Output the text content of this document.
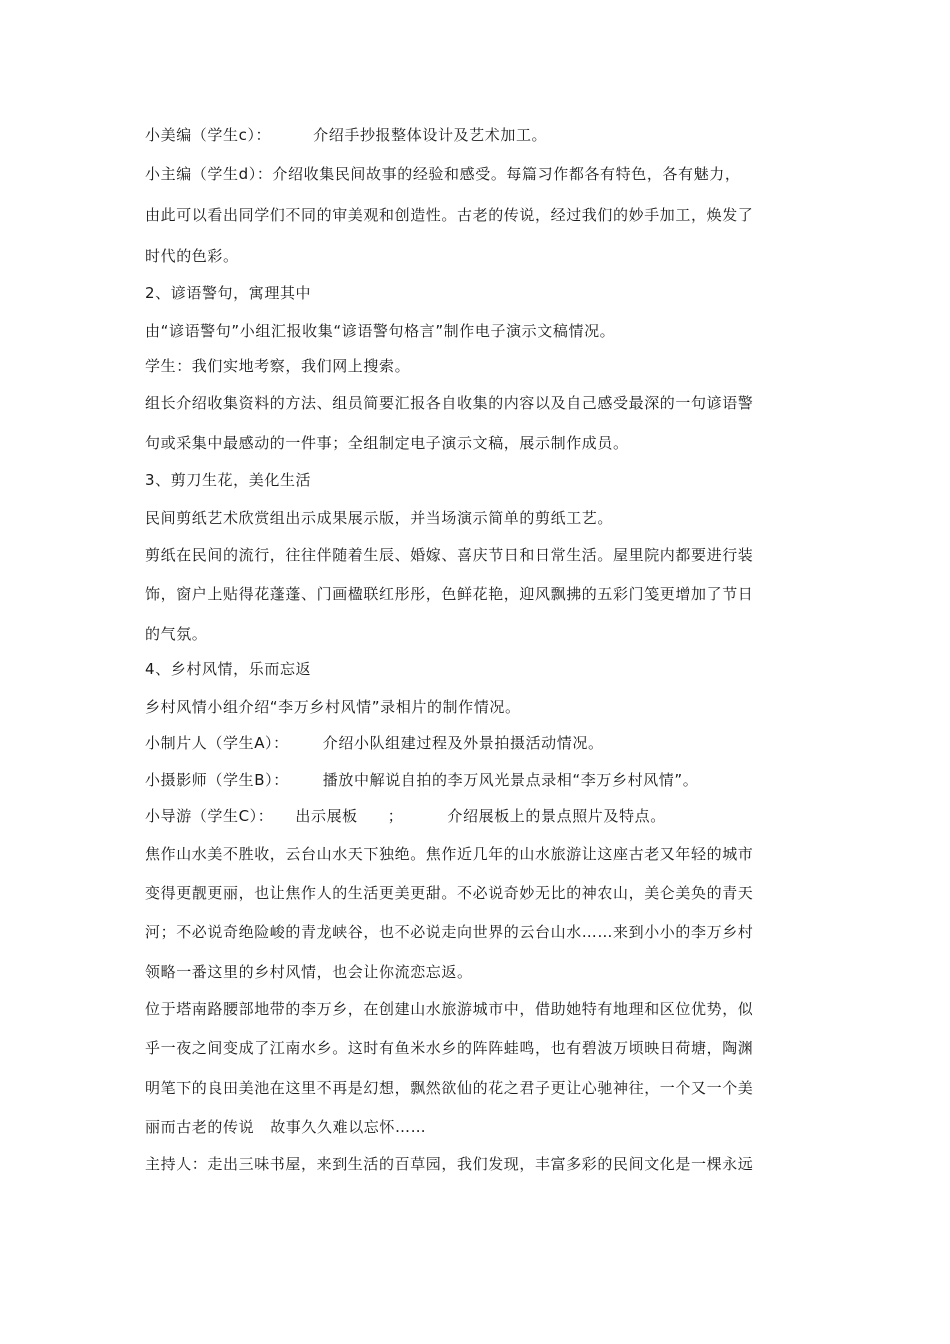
小美编（学生c）：	介绍手抄报整体设计及艺术加工。
小主编（学生d）：介绍收集民间故事的经验和感受。每篇习作都各有特色，各有魅力，
由此可以看出同学们不同的审美观和创造性。古老的传说，经过我们的妙手加工，焕发了
时代的色彩。
2、谚语警句，寓理其中
由“谚语警句”小组汇报收集“谚语警句格言”制作电子演示文稿情况。
学生：我们实地考察，我们网上搜索。
组长介绍收集资料的方法、组员简要汇报各自收集的内容以及自己感受最深的一句谚语警
句或采集中最感动的一件事；全组制定电子演示文稿，展示制作成员。
3、剪刀生花，美化生活
民间剪纸艺术欣赏组出示成果展示版，并当场演示简单的剪纸工艺。
剪纸在民间的流行，往往伴随着生辰、婚嫁、喜庆节日和日常生活。屋里院内都要进行装
饰，窗户上贴得花蓬蓬、门画楹联红彤彤，色鲜花艳，迎风飘拂的五彩门笺更增加了节日
的气氛。
4、乡村风情，乐而忘返
乡村风情小组介绍“李万乡村风情”录相片的制作情况。
小制片人（学生A）： 介绍小队组建过程及外景拍摄活动情况。
小摄影师（学生B）： 播放中解说自拍的李万风光景点录相“李万乡村风情”。
小导游（学生C）： 出示展板 ；	介绍展板上的景点照片及特点。
焦作山水美不胜收，云台山水天下独绝。焦作近几年的山水旅游让这座古老又年轻的城市
变得更靓更丽，也让焦作人的生活更美更甜。不必说奇妙无比的神农山，美仑美奂的青天
河；不必说奇绝险峻的青龙峡谷，也不必说走向世界的云台山水……来到小小的李万乡村
领略一番这里的乡村风情，也会让你流恋忘返。
位于塔南路腰部地带的李万乡，在创建山水旅游城市中，借助她特有地理和区位优势，似
乎一夜之间变成了江南水乡。这时有鱼米水乡的阵阵蛙鸣，也有碧波万顷映日荷塘，陶渊
明笔下的良田美池在这里不再是幻想，飘然欲仙的花之君子更让心驰神往，一个又一个美
丽而古老的传说 故事久久难以忘怀……
主持人：走出三味书屋，来到生活的百草园，我们发现，丰富多彩的民间文化是一棵永远
